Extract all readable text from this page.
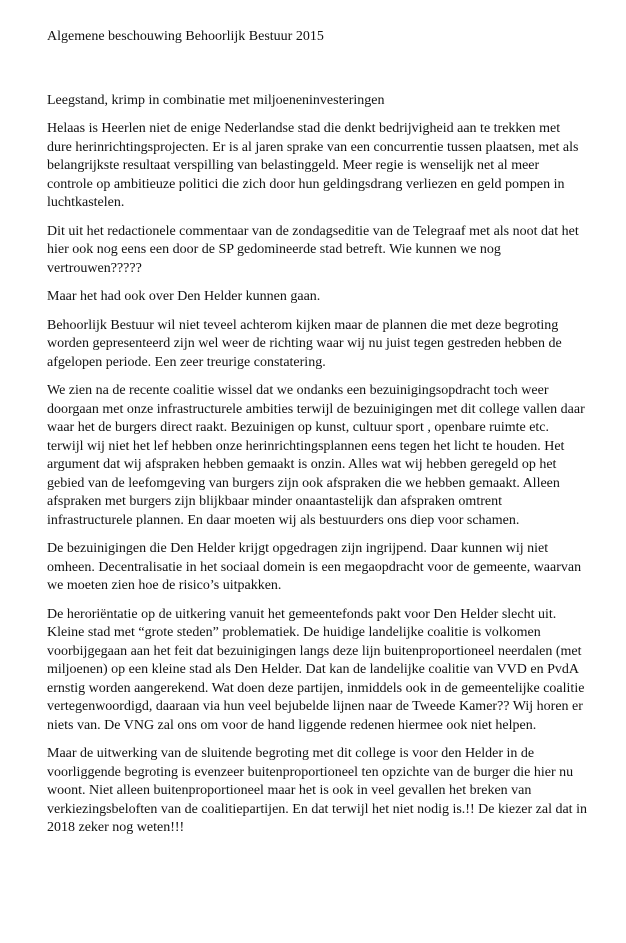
Algemene beschouwing Behoorlijk Bestuur 2015

Leegstand, krimp in combinatie met miljoeneninvesteringen

Helaas is Heerlen niet de enige Nederlandse stad die denkt bedrijvigheid aan te trekken met dure herinrichtingsprojecten. Er is al jaren sprake van een concurrentie tussen plaatsen, met als belangrijkste resultaat verspilling van belastinggeld. Meer regie is wenselijk net al meer controle op ambitieuze politici die zich door hun geldingsdrang verliezen en geld pompen in luchtkastelen.

Dit uit het redactionele commentaar van de zondagseditie van de Telegraaf met als noot dat het hier ook nog eens een door de SP gedomineerde stad betreft. Wie kunnen we nog vertrouwen?????

Maar het had ook over Den Helder kunnen gaan.

Behoorlijk Bestuur wil niet teveel achterom kijken maar de plannen die met deze begroting worden gepresenteerd zijn wel weer de richting waar wij nu juist tegen gestreden hebben de afgelopen periode. Een zeer treurige constatering.

We zien na de recente coalitie wissel dat we ondanks een bezuinigingsopdracht toch weer doorgaan met onze infrastructurele ambities terwijl de bezuinigingen met dit college vallen daar waar het de burgers direct raakt. Bezuinigen op kunst, cultuur sport , openbare ruimte etc. terwijl wij niet het lef hebben onze herinrichtingsplannen eens tegen het licht te houden. Het argument dat wij afspraken hebben gemaakt is onzin. Alles wat wij hebben geregeld op het gebied van de leefomgeving van burgers zijn ook afspraken die we hebben gemaakt. Alleen afspraken met burgers zijn blijkbaar minder onaantastelijk dan afspraken omtrent infrastructurele plannen. En daar moeten wij als bestuurders ons diep voor schamen.

De bezuinigingen die Den Helder krijgt opgedragen zijn ingrijpend. Daar kunnen wij niet omheen. Decentralisatie in het sociaal domein is een megaopdracht voor de gemeente, waarvan we moeten zien hoe de risico’s uitpakken.

De heroriëntatie op de uitkering vanuit het gemeentefonds pakt voor Den Helder slecht uit. Kleine stad met “grote steden” problematiek. De huidige landelijke coalitie is volkomen voorbijgegaan aan het feit dat bezuinigingen langs deze lijn buitenproportioneel neerdalen (met miljoenen) op een kleine stad als Den Helder. Dat kan de landelijke coalitie van VVD en PvdA ernstig worden aangerekend. Wat doen deze partijen, inmiddels ook in de gemeentelijke coalitie vertegenwoordigd, daaraan via hun veel bejubelde lijnen naar de Tweede Kamer?? Wij horen er niets van. De VNG zal ons om voor de hand liggende redenen hiermee ook niet helpen.

Maar de uitwerking van de sluitende begroting met dit college is voor den Helder in de voorliggende begroting is evenzeer buitenproportioneel ten opzichte van de burger die hier nu woont. Niet alleen buitenproportioneel maar het is ook in veel gevallen het breken van verkiezingsbeloften van de coalitiepartijen. En dat terwijl het niet nodig is.!! De kiezer zal dat in 2018 zeker nog weten!!!
